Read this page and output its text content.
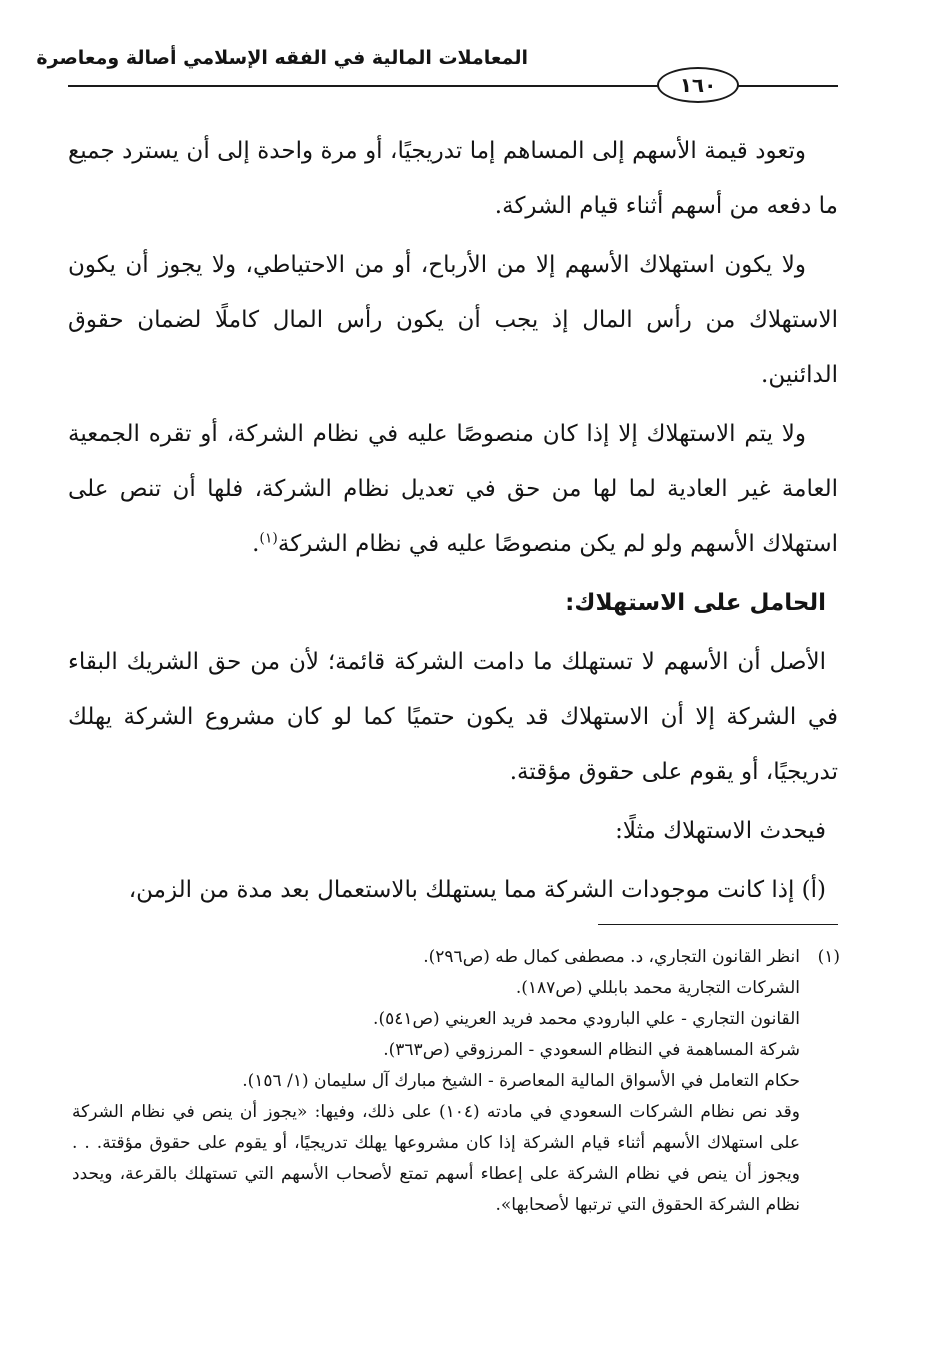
المعاملات المالية في الفقه الإسلامي أصالة ومعاصرة
١٦٠

وتعود قيمة الأسهم إلى المساهم إما تدريجيًا، أو مرة واحدة إلى أن يسترد جميع ما دفعه من أسهم أثناء قيام الشركة.

ولا يكون استهلاك الأسهم إلا من الأرباح، أو من الاحتياطي، ولا يجوز أن يكون الاستهلاك من رأس المال إذ يجب أن يكون رأس المال كاملًا لضمان حقوق الدائنين.

ولا يتم الاستهلاك إلا إذا كان منصوصًا عليه في نظام الشركة، أو تقره الجمعية العامة غير العادية لما لها من حق في تعديل نظام الشركة، فلها أن تنص على استهلاك الأسهم ولو لم يكن منصوصًا عليه في نظام الشركة$^{(١)}$.

الحامل على الاستهلاك:

الأصل أن الأسهم لا تستهلك ما دامت الشركة قائمة؛ لأن من حق الشريك البقاء في الشركة إلا أن الاستهلاك قد يكون حتميًا كما لو كان مشروع الشركة يهلك تدريجيًا، أو يقوم على حقوق مؤقتة.

فيحدث الاستهلاك مثلًا:

(أ) إذا كانت موجودات الشركة مما يستهلك بالاستعمال بعد مدة من الزمن،

(١)
انظر القانون التجاري، د. مصطفى كمال طه (ص٢٩٦).
الشركات التجارية محمد بابللي (ص١٨٧).
القانون التجاري - علي البارودي محمد فريد العريني (ص٥٤١).
شركة المساهمة في النظام السعودي - المرزوقي (ص٣٦٣).
حكام التعامل في الأسواق المالية المعاصرة - الشيخ مبارك آل سليمان (١/ ١٥٦).
وقد نص نظام الشركات السعودي في مادته (١٠٤) على ذلك، وفيها: «يجوز أن ينص في نظام الشركة على استهلاك الأسهم أثناء قيام الشركة إذا كان مشروعها يهلك تدريجيًا، أو يقوم على حقوق مؤقتة. . . ويجوز أن ينص في نظام الشركة على إعطاء أسهم تمتع لأصحاب الأسهم التي تستهلك بالقرعة، ويحدد نظام الشركة الحقوق التي ترتبها لأصحابها».
